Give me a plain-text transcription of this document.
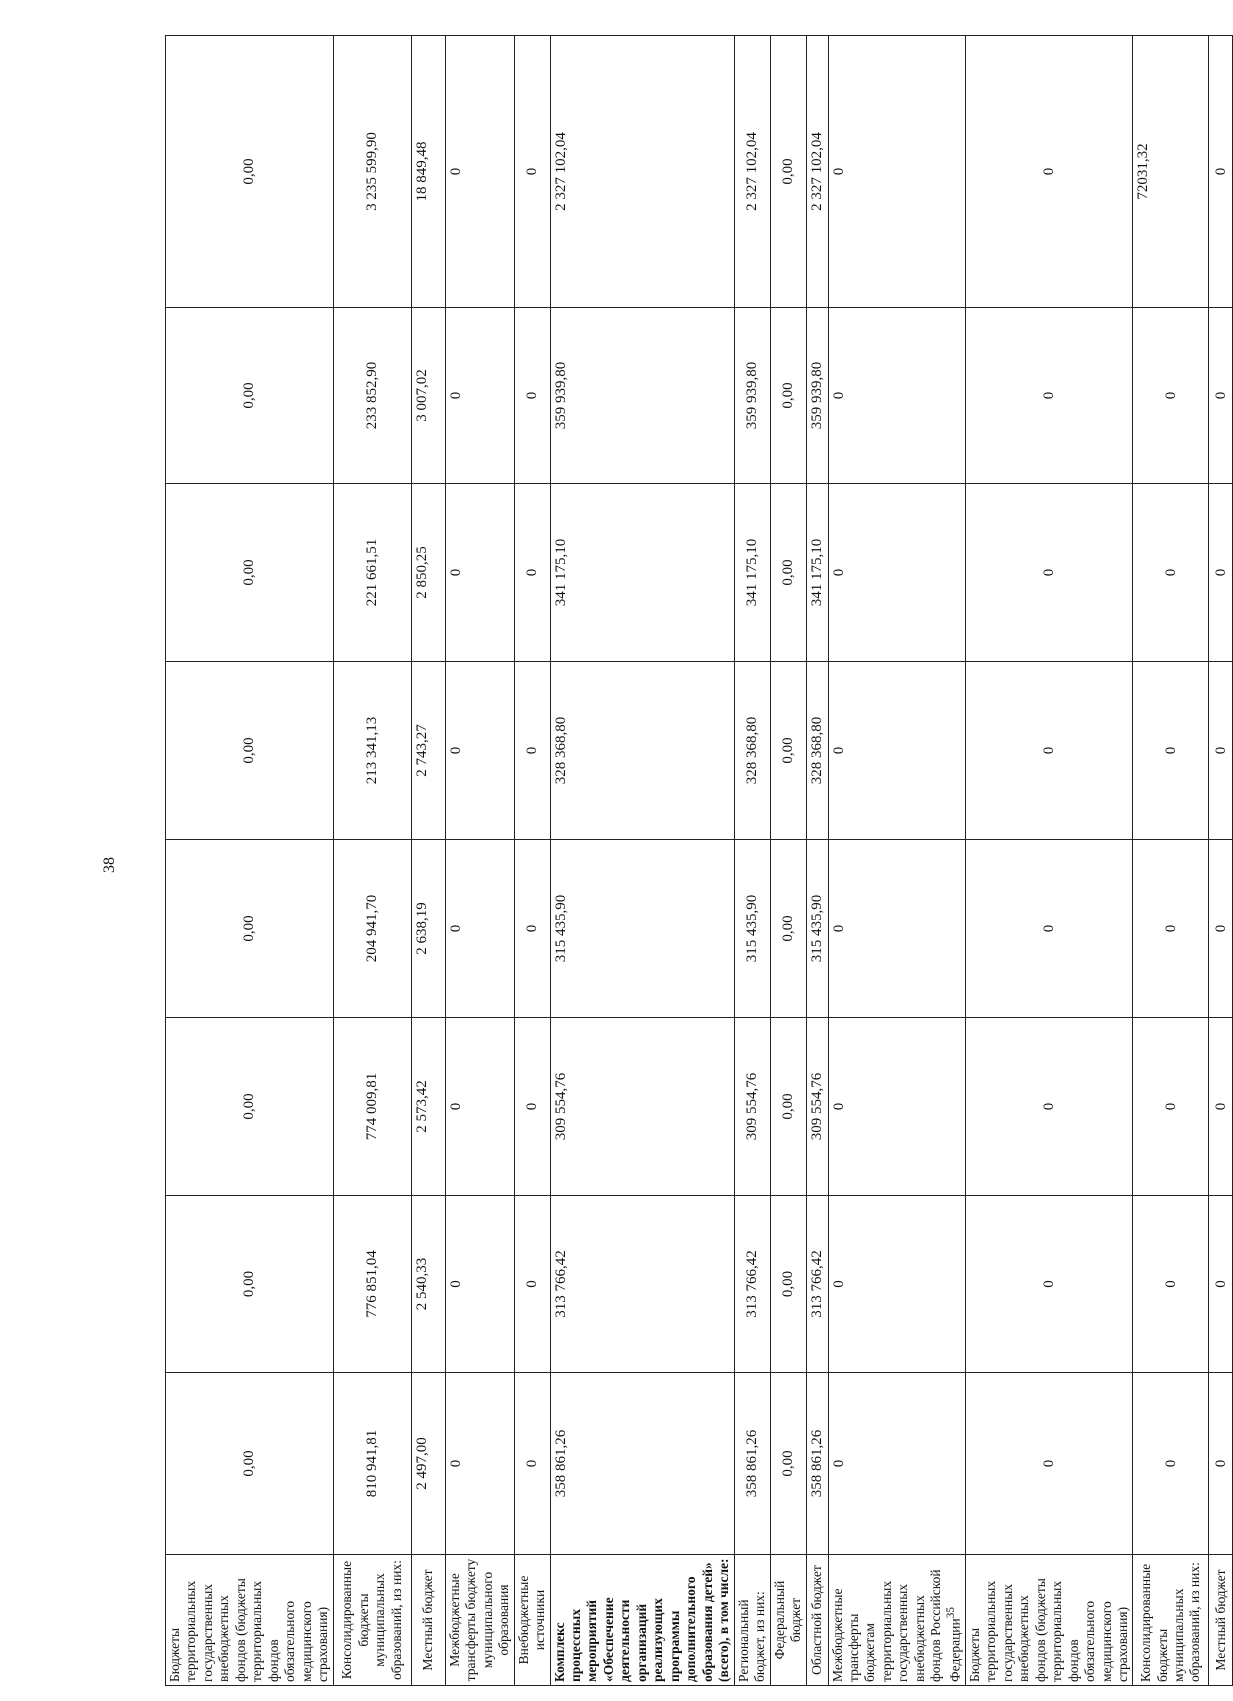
38
Бюджеты территориальных государственных внебюджетных фондов (бюджеты территориальных фондов обязательного медицинского страхования)	0,00	0,00	0,00	0,00	0,00	0,00	0,00	0,00
Консолидированные бюджеты муниципальных образований, из них:	810 941,81	776 851,04	774 009,81	204 941,70	213 341,13	221 661,51	233 852,90	3 235 599,90
Местный бюджет	2 497,00	2 540,33	2 573,42	2 638,19	2 743,27	2 850,25	3 007,02	18 849,48
Межбюджетные трансферты бюджету муниципального образования	0	0	0	0	0	0	0	0
Внебюджетные источники	0	0	0	0	0	0	0	0
Комплекс процессных мероприятий «Обеспечение деятельности организаций реализующих программы дополнительного образования детей» (всего), в том числе:	358 861,26	313 766,42	309 554,76	315 435,90	328 368,80	341 175,10	359 939,80	2 327 102,04
Региональный бюджет, из них:	358 861,26	313 766,42	309 554,76	315 435,90	328 368,80	341 175,10	359 939,80	2 327 102,04
Федеральный бюджет	0,00	0,00	0,00	0,00	0,00	0,00	0,00	0,00
Областной бюджет	358 861,26	313 766,42	309 554,76	315 435,90	328 368,80	341 175,10	359 939,80	2 327 102,04
Межбюджетные трансферты бюджетам территориальных государственных внебюджетных фондов Российской Федерации$^{35}$	0	0	0	0	0	0	0	0
Бюджеты территориальных государственных внебюджетных фондов (бюджеты территориальных фондов обязательного медицинского страхования)	0	0	0	0	0	0	0	0
Консолидированные бюджеты муниципальных образований, из них:	0	0	0	0	0	0	0	72031,32
Местный бюджет	0	0	0	0	0	0	0	0
